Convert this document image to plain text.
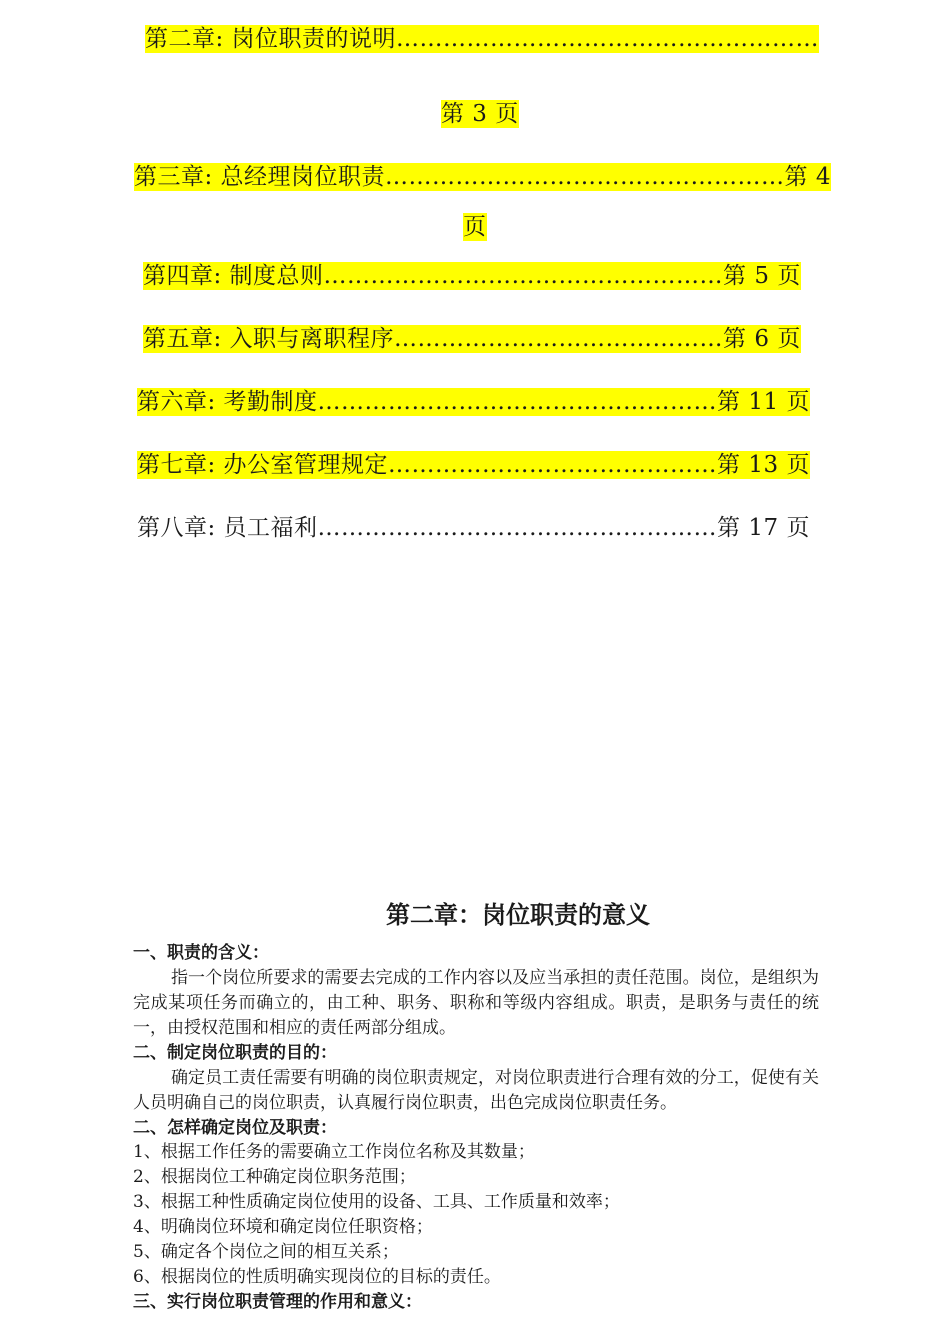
第二章: 岗位职责的说明………………………………………………
第 3 页
第三章: 总经理岗位职责……………………………………………第 4
页
第四章: 制度总则……………………………………………第 5 页
第五章: 入职与离职程序……………………………………第 6 页
第六章: 考勤制度……………………………………………第 11 页
第七章: 办公室管理规定……………………………………第 13 页
第八章: 员工福利……………………………………………第 17 页
第二章：岗位职责的意义
一、职责的含义：
指一个岗位所要求的需要去完成的工作内容以及应当承担的责任范围。岗位，是组织为完成某项任务而确立的，由工种、职务、职称和等级内容组成。职责，是职务与责任的统一，由授权范围和相应的责任两部分组成。
二、制定岗位职责的目的：
确定员工责任需要有明确的岗位职责规定，对岗位职责进行合理有效的分工，促使有关人员明确自己的岗位职责，认真履行岗位职责，出色完成岗位职责任务。
二、怎样确定岗位及职责：
1、根据工作任务的需要确立工作岗位名称及其数量；
2、根据岗位工种确定岗位职务范围；
3、根据工种性质确定岗位使用的设备、工具、工作质量和效率；
4、明确岗位环境和确定岗位任职资格；
5、确定各个岗位之间的相互关系；
6、根据岗位的性质明确实现岗位的目标的责任。
三、实行岗位职责管理的作用和意义：
